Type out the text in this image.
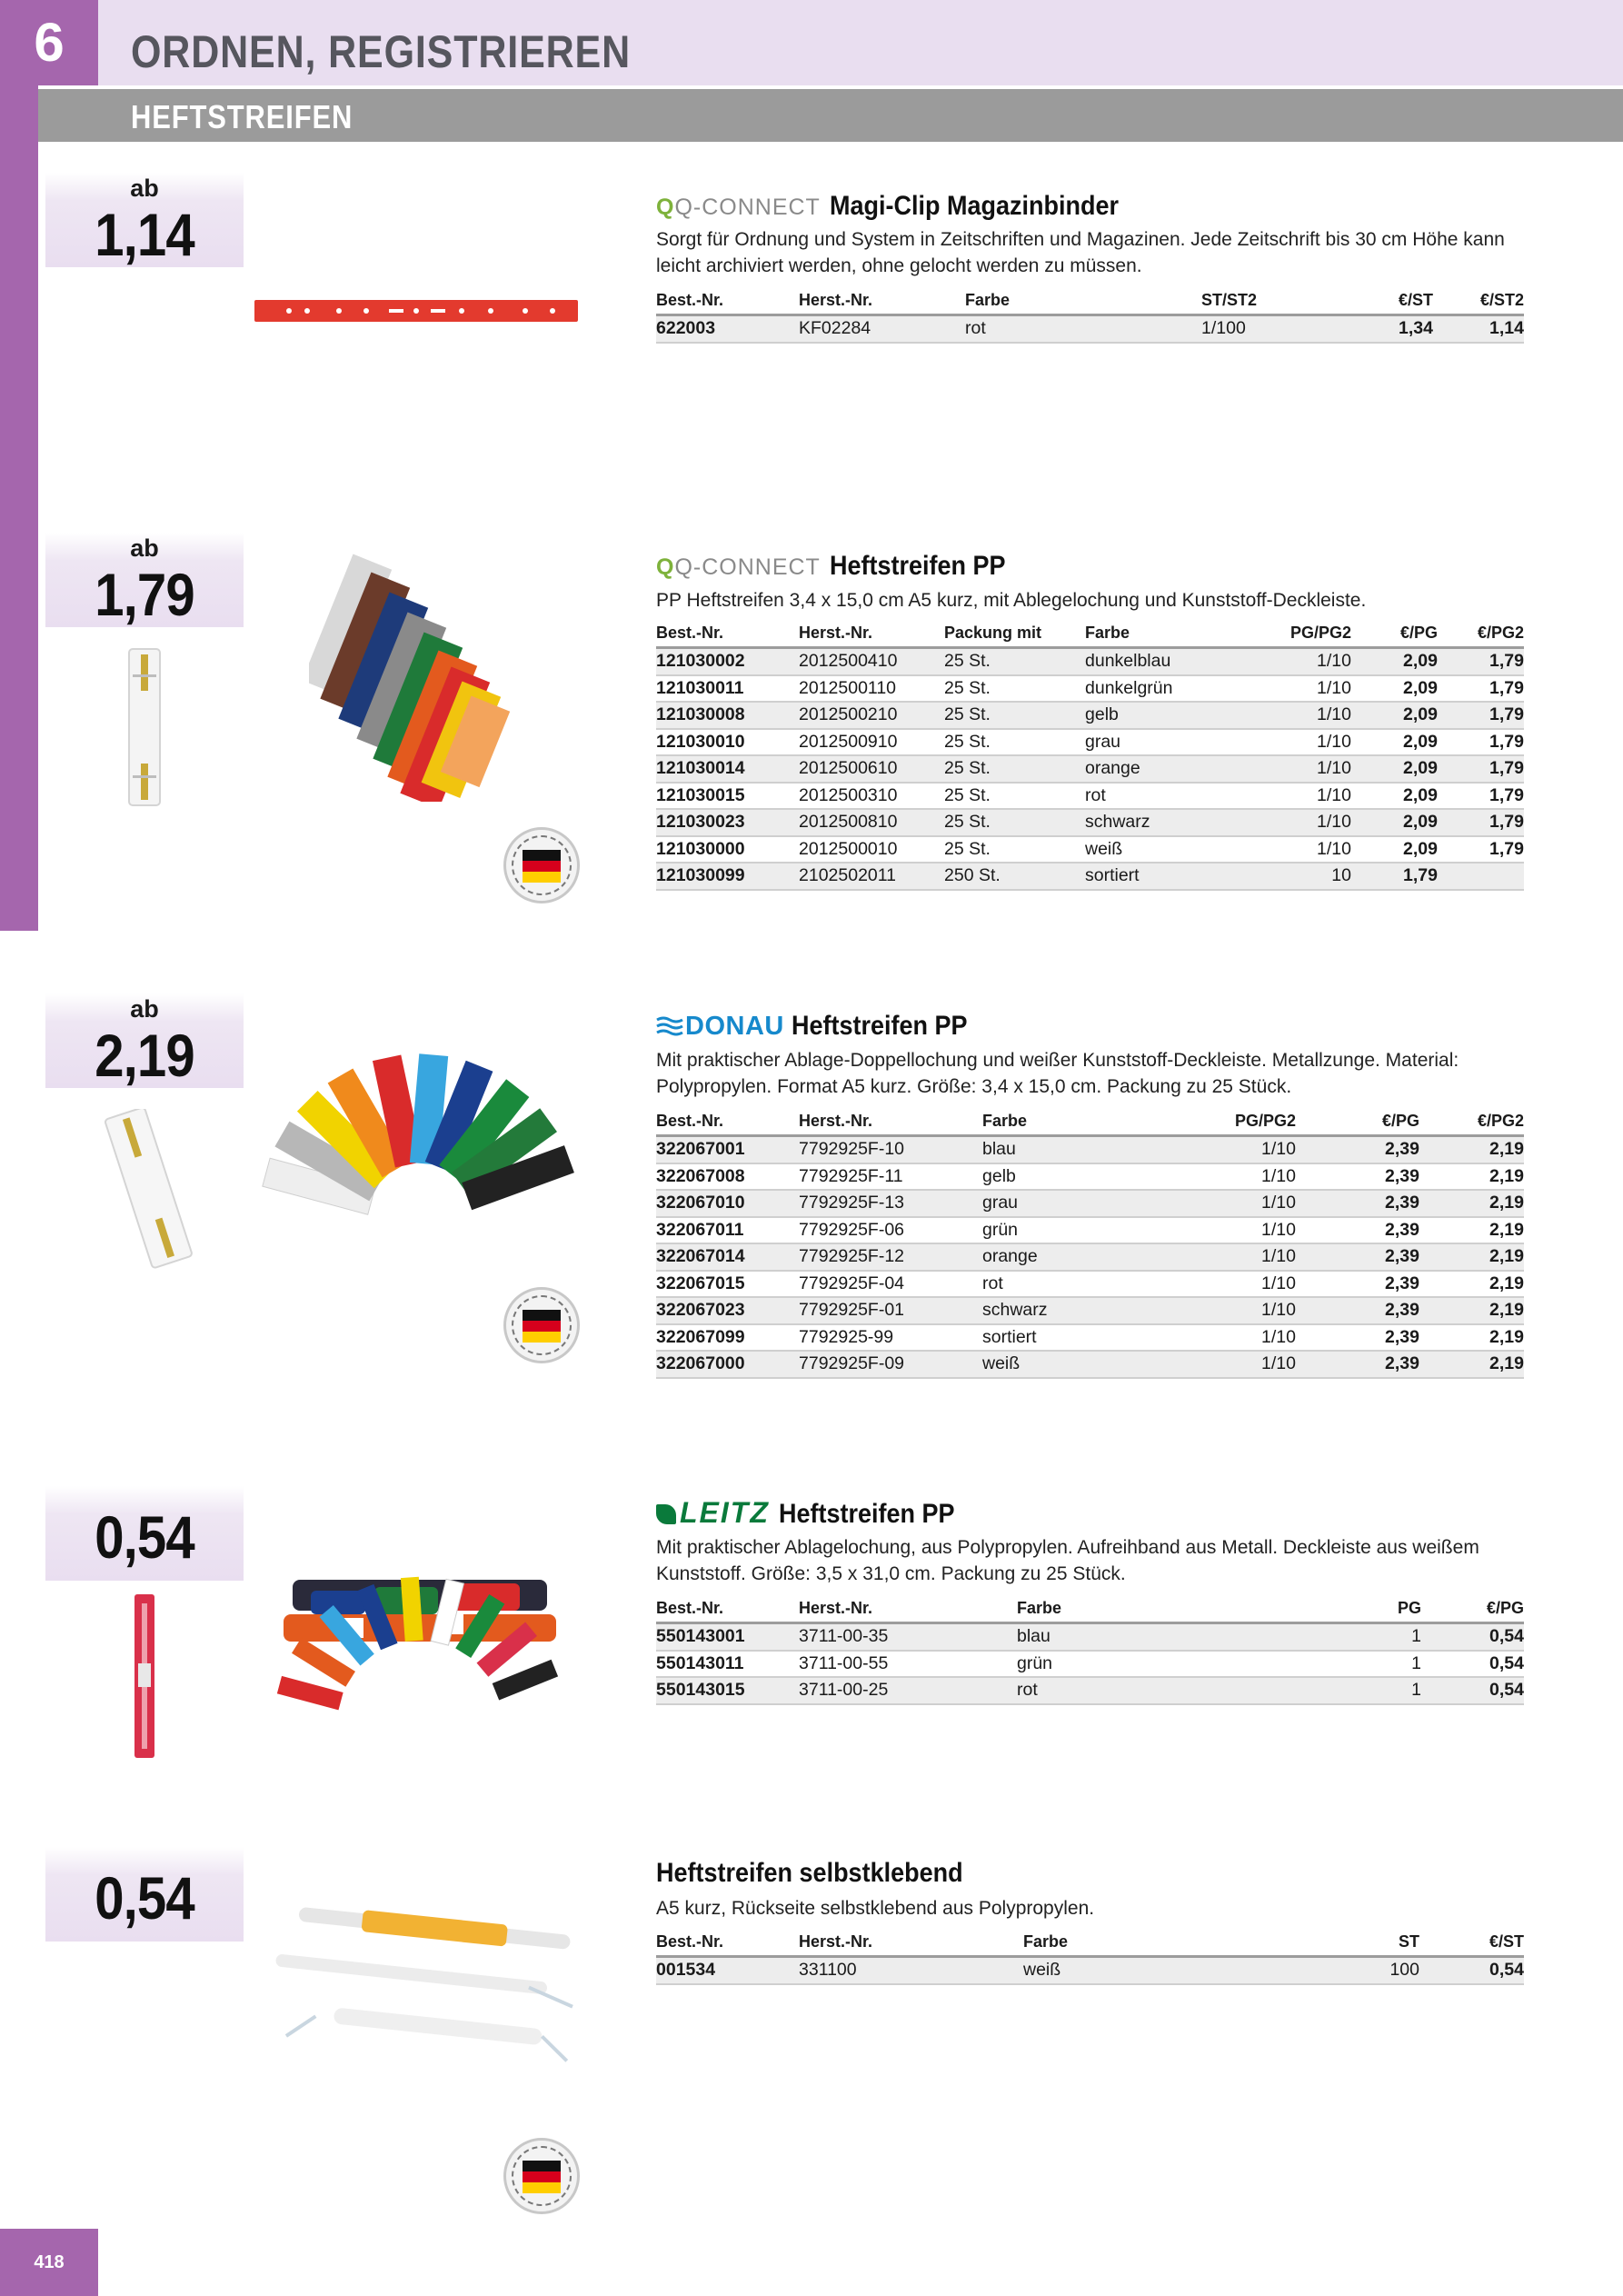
6	ORDNEN, REGISTRIEREN
HEFTSTREIFEN
ab
1,14	QQ-CONNECT Magi-Clip Magazinbinder
Sorgt für Ordnung und System in Zeitschriften und Magazinen. Jede Zeitschrift bis 30 cm Höhe kann leicht archiviert werden, ohne gelocht werden zu müssen.
Best.-Nr.	Herst.-Nr.	Farbe	ST/ST2	€/ST	€/ST2
622003	KF02284	rot	1/100	1,34	1,14
ab
1,79	QQ-CONNECT Heftstreifen PP
PP Heftstreifen 3,4 x 15,0 cm A5 kurz, mit Ablegelochung und Kunststoff-Deckleiste.
Best.-Nr.	Herst.-Nr.	Packung mit	Farbe	PG/PG2	€/PG	€/PG2
121030002	2012500410	25 St.	dunkelblau	1/10	2,09	1,79
121030011	2012500110	25 St.	dunkelgrün	1/10	2,09	1,79
121030008	2012500210	25 St.	gelb	1/10	2,09	1,79
121030010	2012500910	25 St.	grau	1/10	2,09	1,79
121030014	2012500610	25 St.	orange	1/10	2,09	1,79
121030015	2012500310	25 St.	rot	1/10	2,09	1,79
121030023	2012500810	25 St.	schwarz	1/10	2,09	1,79
121030000	2012500010	25 St.	weiß	1/10	2,09	1,79
121030099	2102502011	250 St.	sortiert	10	1,79	
ab
2,19	DONAU Heftstreifen PP
Mit praktischer Ablage-Doppellochung und weißer Kunststoff-Deckleiste. Metallzunge. Material: Polypropylen. Format A5 kurz. Größe: 3,4 x 15,0 cm. Packung zu 25 Stück.
Best.-Nr.	Herst.-Nr.	Farbe	PG/PG2	€/PG	€/PG2
322067001	7792925F-10	blau	1/10	2,39	2,19
322067008	7792925F-11	gelb	1/10	2,39	2,19
322067010	7792925F-13	grau	1/10	2,39	2,19
322067011	7792925F-06	grün	1/10	2,39	2,19
322067014	7792925F-12	orange	1/10	2,39	2,19
322067015	7792925F-04	rot	1/10	2,39	2,19
322067023	7792925F-01	schwarz	1/10	2,39	2,19
322067099	7792925-99	sortiert	1/10	2,39	2,19
322067000	7792925F-09	weiß	1/10	2,39	2,19
0,54	LEITZ Heftstreifen PP
Mit praktischer Ablagelochung, aus Polypropylen. Aufreihband aus Metall. Deckleiste aus weißem Kunststoff. Größe: 3,5 x 31,0 cm. Packung zu 25 Stück.
Best.-Nr.	Herst.-Nr.	Farbe	PG	€/PG
550143001	3711-00-35	blau	1	0,54
550143011	3711-00-55	grün	1	0,54
550143015	3711-00-25	rot	1	0,54
0,54	Heftstreifen selbstklebend
A5 kurz, Rückseite selbstklebend aus Polypropylen.
Best.-Nr.	Herst.-Nr.	Farbe	ST	€/ST
001534	331100	weiß	100	0,54
418
